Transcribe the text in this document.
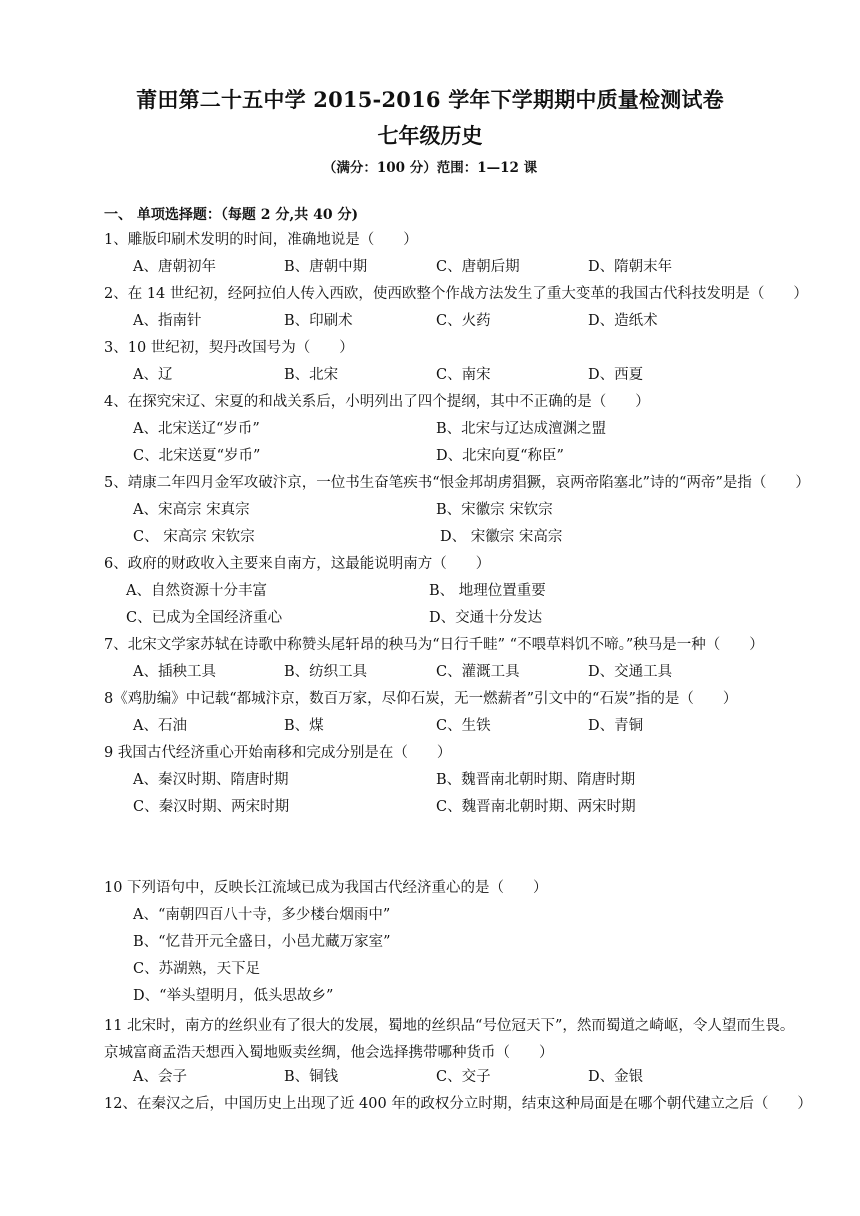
莆田第二十五中学 2015-2016 学年下学期期中质量检测试卷
七年级历史
（满分：100 分）范围：1—12 课
一、 单项选择题：（每题 2 分,共 40 分)
1、雕版印刷术发明的时间，准确地说是（　　）
A、唐朝初年	B、唐朝中期	C、唐朝后期	D、隋朝末年
2、在 14 世纪初，经阿拉伯人传入西欧，使西欧整个作战方法发生了重大变革的我国古代科技发明是（　　）
A、指南针	B、印刷术	C、火药	D、造纸术
3、10 世纪初，契丹改国号为（　　）
A、辽	B、北宋	C、南宋	D、西夏
4、在探究宋辽、宋夏的和战关系后，小明列出了四个提纲，其中不正确的是（　　）
A、北宋送辽“岁币”	B、北宋与辽达成澶渊之盟
C、北宋送夏“岁币”	D、北宋向夏“称臣”
5、靖康二年四月金军攻破汴京，一位书生奋笔疾书“恨金邦胡虏猖獗，哀两帝陷塞北”诗的“两帝”是指（　　）
A、宋高宗 宋真宗	B、宋徽宗 宋钦宗
C、 宋高宗 宋钦宗	D、 宋徽宗 宋高宗
6、政府的财政收入主要来自南方，这最能说明南方（　　）
A、自然资源十分丰富	B、 地理位置重要
C、已成为全国经济重心	D、交通十分发达
7、北宋文学家苏轼在诗歌中称赞头尾轩昂的秧马为“日行千畦” “不喂草料饥不啼。”秧马是一种（　　）
A、插秧工具	B、纺织工具	C、灌溉工具	D、交通工具
8《鸡肋编》中记载“都城汴京，数百万家，尽仰石炭，无一燃薪者”引文中的“石炭”指的是（　　）
A、石油	B、煤	C、生铁	D、青铜
9 我国古代经济重心开始南移和完成分别是在（　　）
A、秦汉时期、隋唐时期	B、魏晋南北朝时期、隋唐时期
C、秦汉时期、两宋时期	C、魏晋南北朝时期、两宋时期
10 下列语句中，反映长江流域已成为我国古代经济重心的是（　　）
A、“南朝四百八十寺，多少楼台烟雨中”
B、“忆昔开元全盛日，小邑尤藏万家室”
C、苏湖熟，天下足
D、“举头望明月，低头思故乡”
11 北宋时，南方的丝织业有了很大的发展，蜀地的丝织品“号位冠天下”，然而蜀道之崎岖，令人望而生畏。京城富商孟浩天想西入蜀地贩卖丝绸，他会选择携带哪种货币（　　）
A、会子	B、铜钱	C、交子	D、金银
12、在秦汉之后，中国历史上出现了近 400 年的政权分立时期，结束这种局面是在哪个朝代建立之后（　　）
